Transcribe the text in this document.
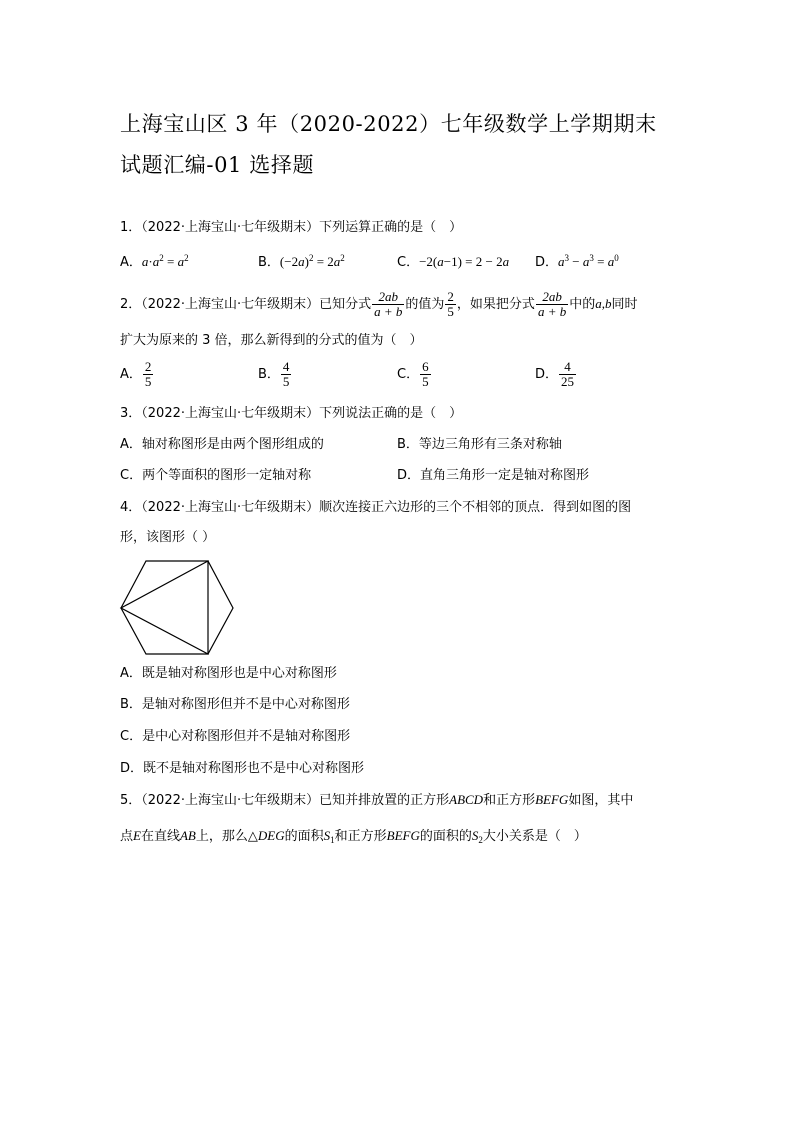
上海宝山区 3 年（2020-2022）七年级数学上学期期末
试题汇编-01 选择题
1．（2022·上海宝山·七年级期末）下列运算正确的是（　）
A．$a\cdot a^2 = a^2$	B．$(-2a)^2 = 2a^2$	C．−2(a−1) = 2 − 2a D．$a^3 - a^3 = a^0$
2．（2022·上海宝山·七年级期末）已知分式 $\frac{2ab}{a + b}$ 的值为 $\frac{2}{5}$ ，如果把分式 $\frac{2ab}{a + b}$ 中的a,b同时
扩大为原来的 3 倍，那么新得到的分式的值为（　）
A． $\frac{2}{5}$	B． $\frac{4}{5}$	C． $\frac{6}{5}$	D． $\frac{4}{25}$
3．（2022·上海宝山·七年级期末）下列说法正确的是（　）
A．轴对称图形是由两个图形组成的	B．等边三角形有三条对称轴
C．两个等面积的图形一定轴对称	D．直角三角形一定是轴对称图形
4．（2022·上海宝山·七年级期末）顺次连接正六边形的三个不相邻的顶点．得到如图的图
形，该图形（ ）
A．既是轴对称图形也是中心对称图形
B．是轴对称图形但并不是中心对称图形
C．是中心对称图形但并不是轴对称图形
D．既不是轴对称图形也不是中心对称图形
5．（2022·上海宝山·七年级期末）已知并排放置的正方形ABCD和正方形BEFG如图，其中
点E在直线AB上，那么△DEG的面积$S_1$和正方形BEFG的面积的$S_2$大小关系是（　）
